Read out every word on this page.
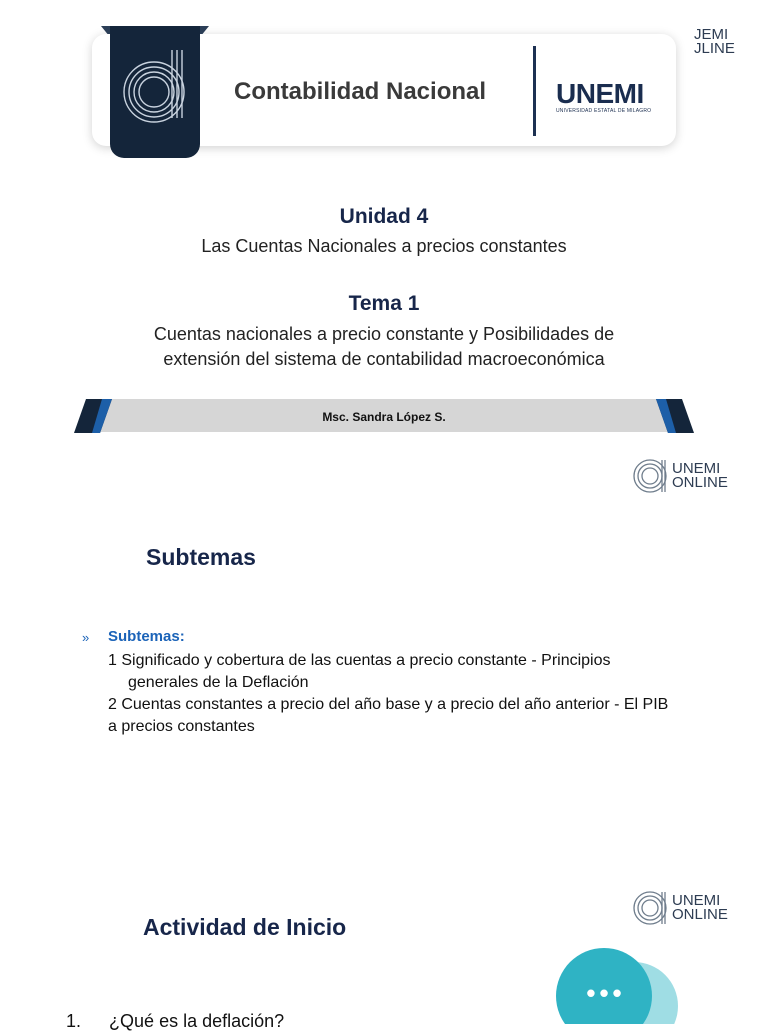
Contabilidad Nacional UNEMI
UNIVERSIDAD ESTATAL DE MILAGRO
JEMI
JLINE
Unidad 4
Las Cuentas Nacionales a precios constantes
Tema 1
Cuentas nacionales a precio constante y Posibilidades de
extensión del sistema de contabilidad macroeconómica
Msc. Sandra López S.
UNEMI
ONLINE
Subtemas
» Subtemas:
1 Significado y cobertura de las cuentas a precio constante - Principios
generales de la Deflación
2 Cuentas constantes a precio del año base y a precio del año anterior - El PIB
a precios constantes
UNEMI
ONLINE
Actividad de Inicio
•••
1. ¿Qué es la deflación?
